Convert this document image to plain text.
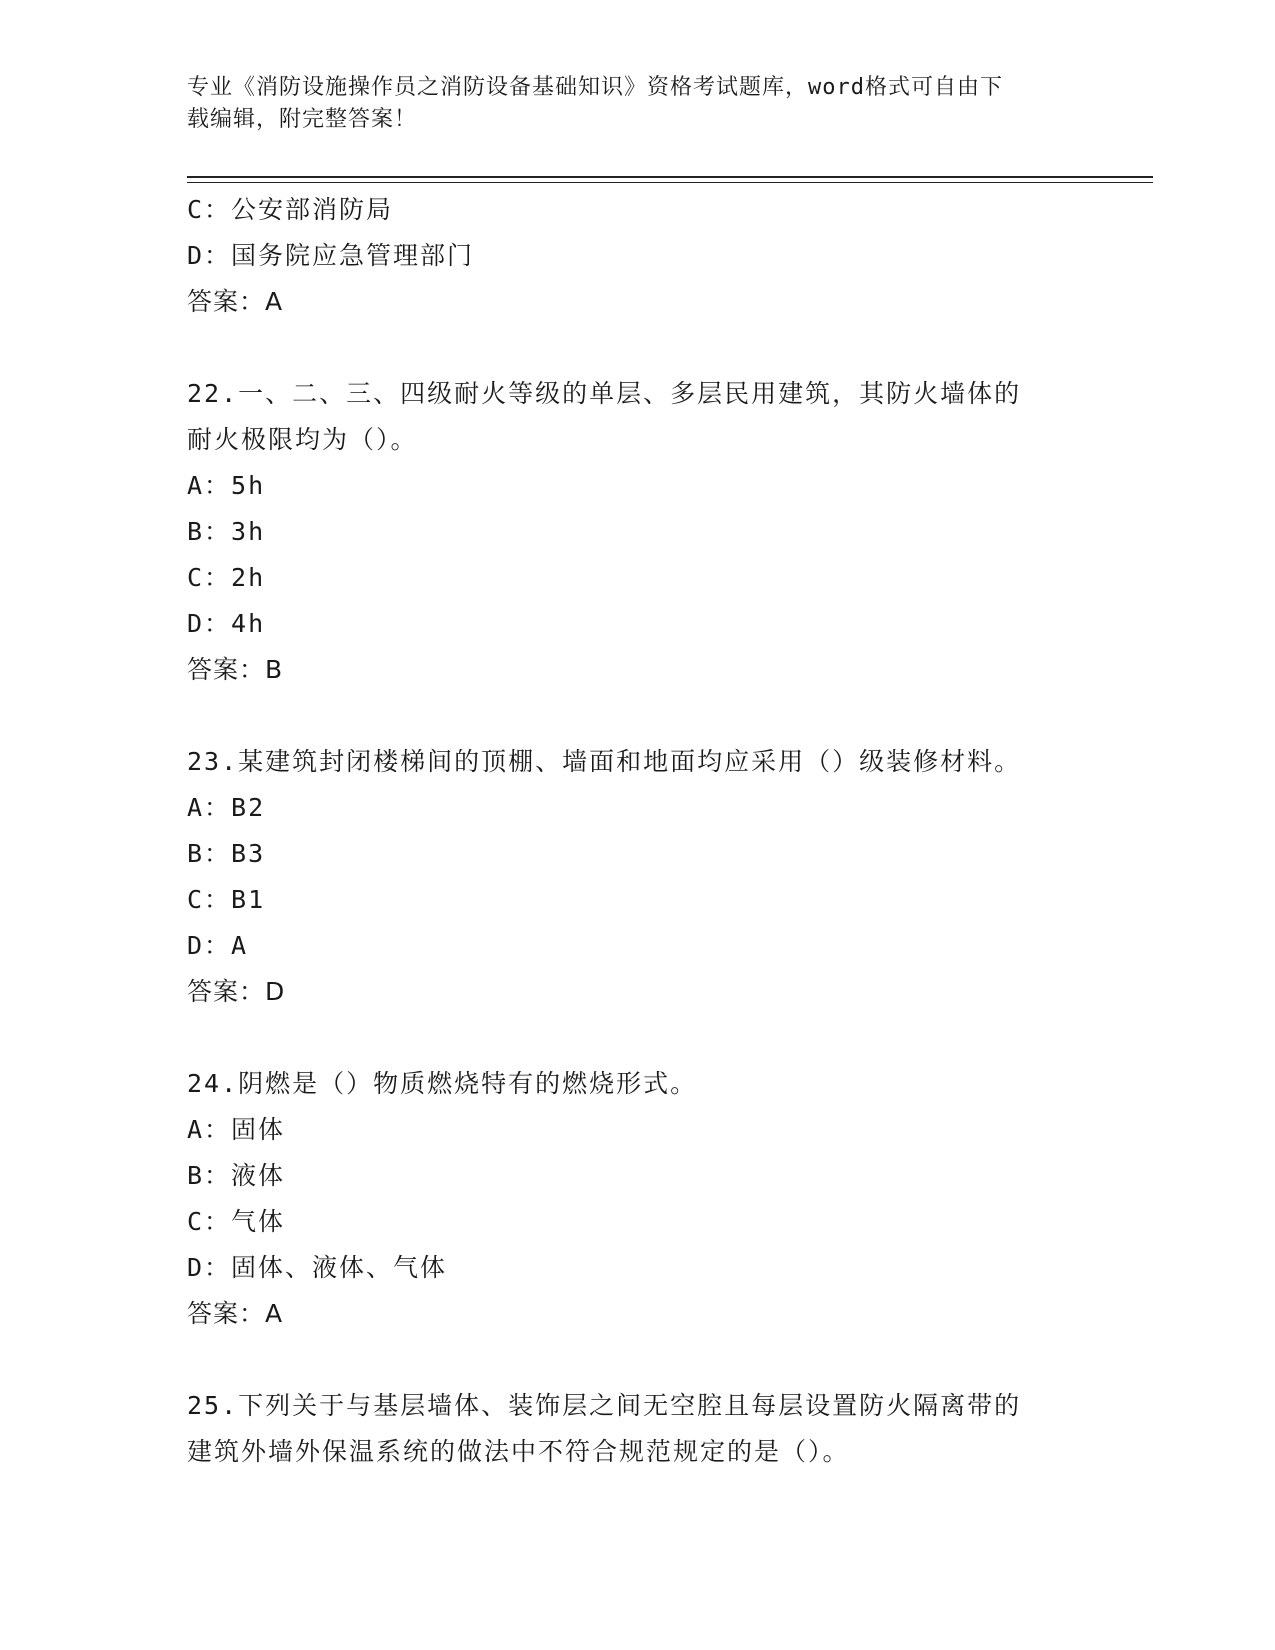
专业《消防设施操作员之消防设备基础知识》资格考试题库，word格式可自由下
载编辑，附完整答案！
C：公安部消防局
D：国务院应急管理部门
答案：A
22.一、二、三、四级耐火等级的单层、多层民用建筑，其防火墙体的
耐火极限均为（）。
A：5h
B：3h
C：2h
D：4h
答案：B
23.某建筑封闭楼梯间的顶棚、墙面和地面均应采用（）级装修材料。
A：B2
B：B3
C：B1
D：A
答案：D
24.阴燃是（）物质燃烧特有的燃烧形式。
A：固体
B：液体
C：气体
D：固体、液体、气体
答案：A
25.下列关于与基层墙体、装饰层之间无空腔且每层设置防火隔离带的
建筑外墙外保温系统的做法中不符合规范规定的是（）。
